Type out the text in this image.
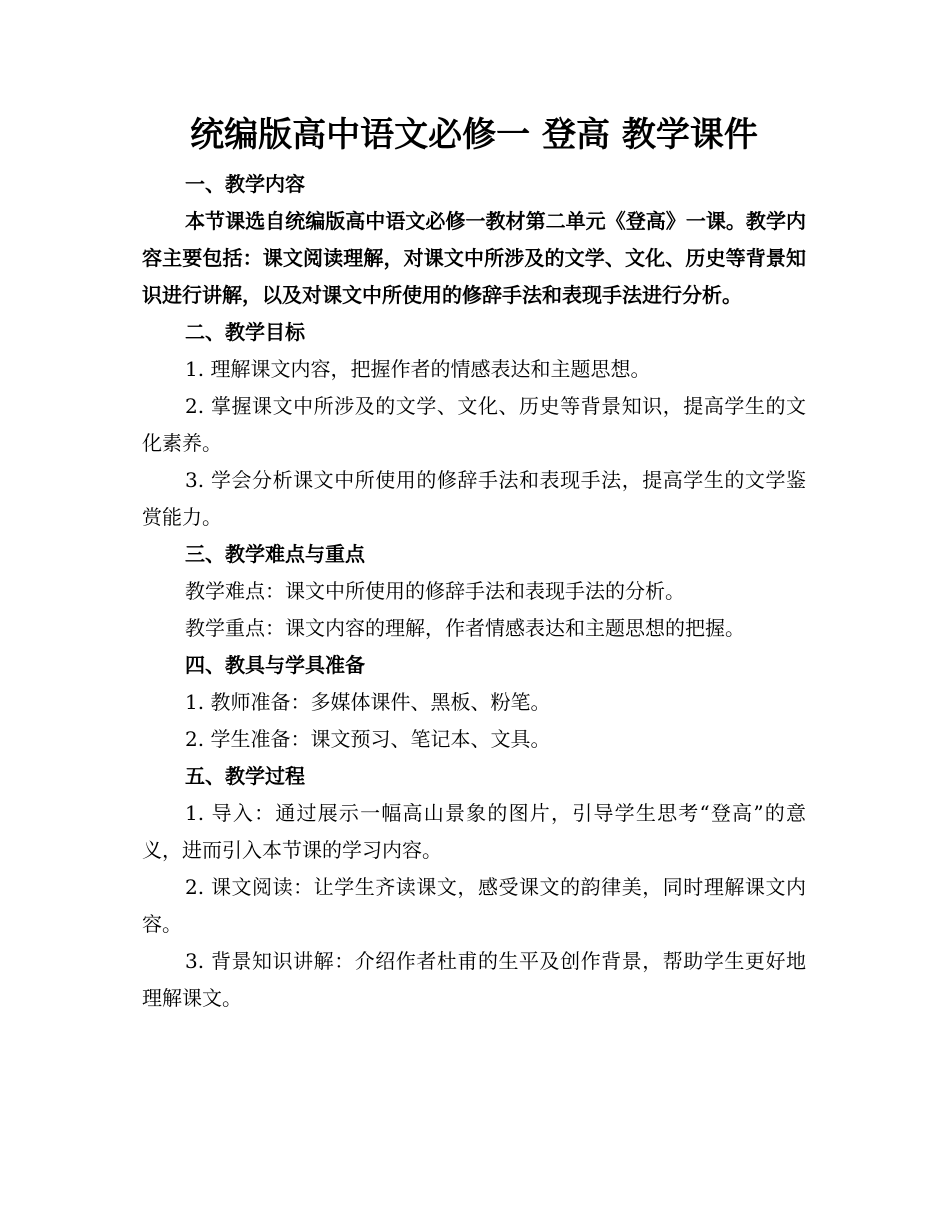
统编版高中语文必修一 登高 教学课件

一、教学内容

本节课选自统编版高中语文必修一教材第二单元《登高》一课。教学内容主要包括：课文阅读理解，对课文中所涉及的文学、文化、历史等背景知识进行讲解，以及对课文中所使用的修辞手法和表现手法进行分析。

二、教学目标

1. 理解课文内容，把握作者的情感表达和主题思想。

2. 掌握课文中所涉及的文学、文化、历史等背景知识，提高学生的文化素养。

3. 学会分析课文中所使用的修辞手法和表现手法，提高学生的文学鉴赏能力。

三、教学难点与重点

教学难点：课文中所使用的修辞手法和表现手法的分析。

教学重点：课文内容的理解，作者情感表达和主题思想的把握。

四、教具与学具准备

1. 教师准备：多媒体课件、黑板、粉笔。

2. 学生准备：课文预习、笔记本、文具。

五、教学过程

1. 导入：通过展示一幅高山景象的图片，引导学生思考“登高”的意义，进而引入本节课的学习内容。

2. 课文阅读：让学生齐读课文，感受课文的韵律美，同时理解课文内容。

3. 背景知识讲解：介绍作者杜甫的生平及创作背景，帮助学生更好地理解课文。
